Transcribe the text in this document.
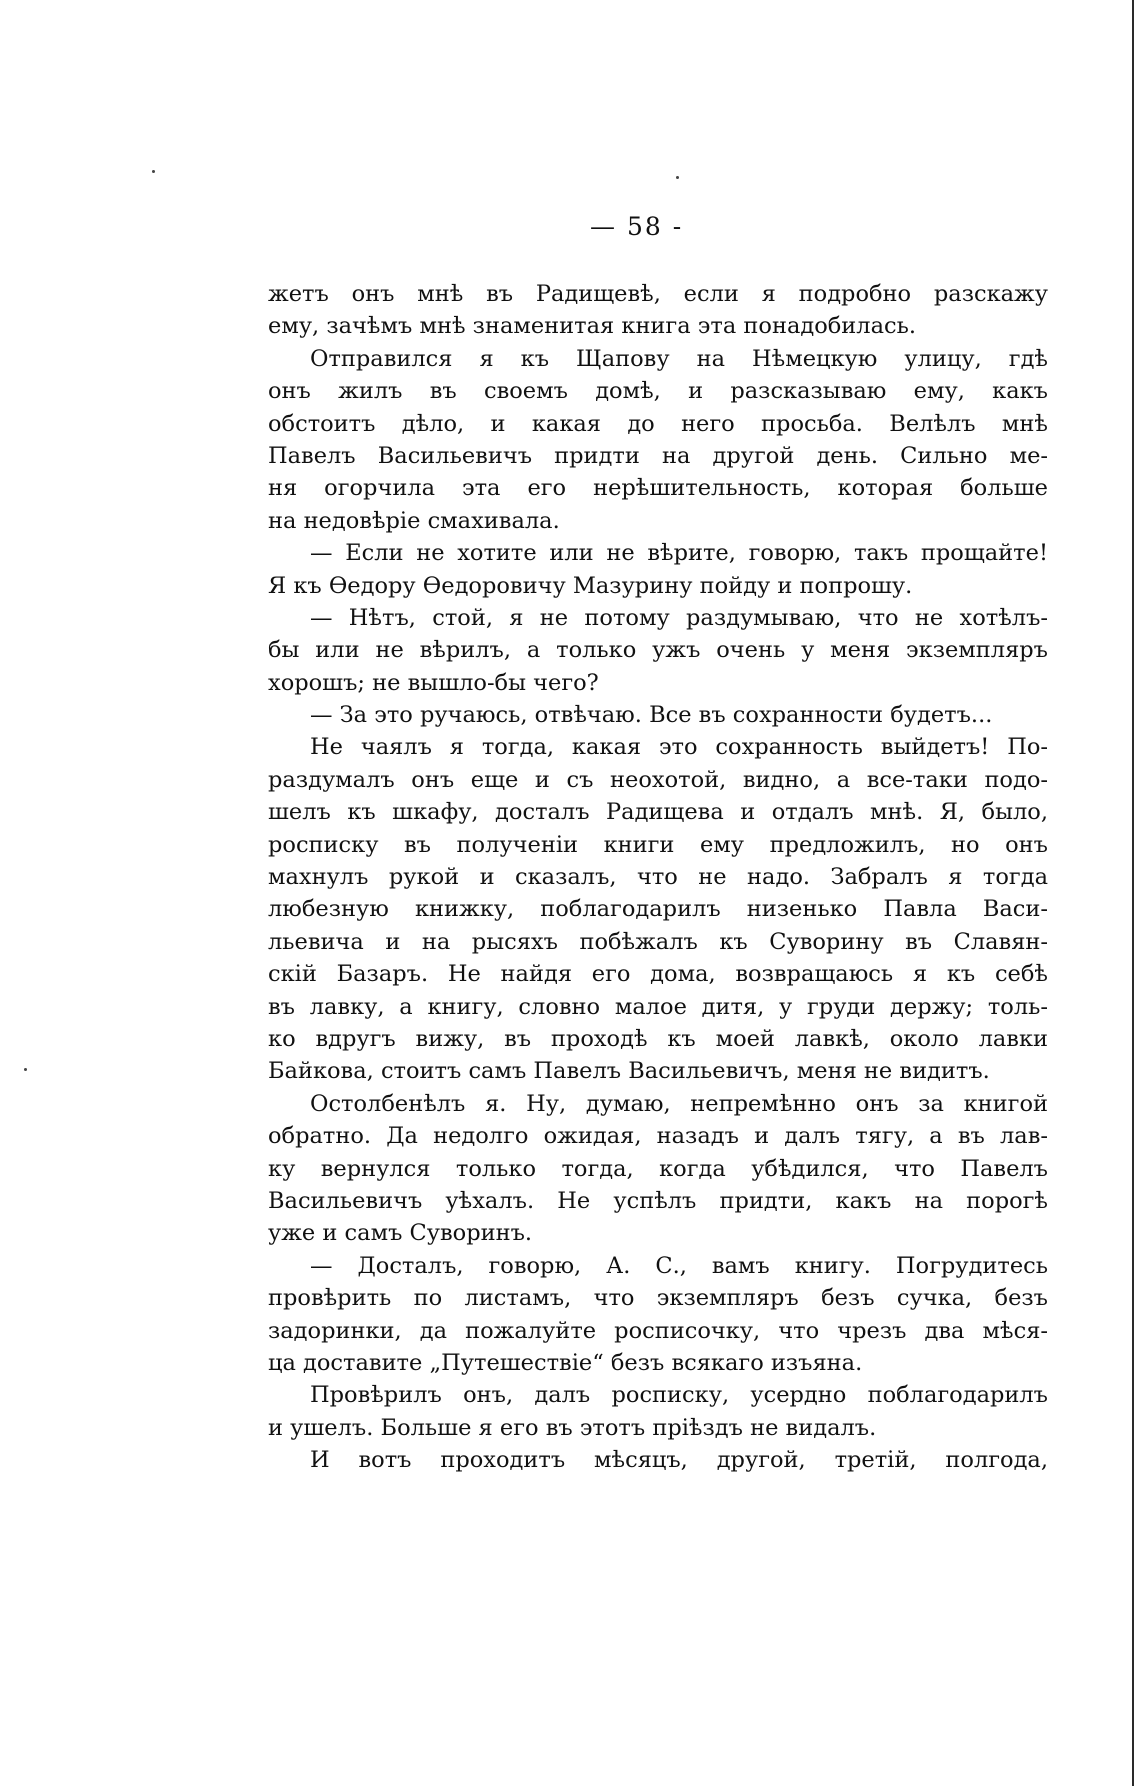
— 58 -
жетъ онъ мнѣ въ Радищевѣ, если я подробно разскажу
ему, зачѣмъ мнѣ знаменитая книга эта понадобилась.
Отправился я къ Щапову на Нѣмецкую улицу, гдѣ
онъ жилъ въ своемъ домѣ, и разсказываю ему, какъ
обстоитъ дѣло, и какая до него просьба. Велѣлъ мнѣ
Павелъ Васильевичъ придти на другой день. Сильно ме-
ня огорчила эта его нерѣшительность, которая больше
на недовѣріе смахивала.
— Если не хотите или не вѣрите, говорю, такъ прощайте!
Я къ Өедору Өедоровичу Мазурину пойду и попрошу.
— Нѣтъ, стой, я не потому раздумываю, что не хотѣлъ-
бы или не вѣрилъ, а только ужъ очень у меня экземпляръ
хорошъ; не вышло-бы чего?
— За это ручаюсь, отвѣчаю. Все въ сохранности будетъ...
Не чаялъ я тогда, какая это сохранность выйдетъ! По-
раздумалъ онъ еще и съ неохотой, видно, а все-таки подо-
шелъ къ шкафу, досталъ Радищева и отдалъ мнѣ. Я, было,
росписку въ полученіи книги ему предложилъ, но онъ
махнулъ рукой и сказалъ, что не надо. Забралъ я тогда
любезную книжку, поблагодарилъ низенько Павла Васи-
льевича и на рысяхъ побѣжалъ къ Суворину въ Славян-
скій Базаръ. Не найдя его дома, возвращаюсь я къ себѣ
въ лавку, а книгу, словно малое дитя, у груди держу; толь-
ко вдругъ вижу, въ проходѣ къ моей лавкѣ, около лавки
Байкова, стоитъ самъ Павелъ Васильевичъ, меня не видитъ.
Остолбенѣлъ я. Ну, думаю, непремѣнно онъ за книгой
обратно. Да недолго ожидая, назадъ и далъ тягу, а въ лав-
ку вернулся только тогда, когда убѣдился, что Павелъ
Васильевичъ уѣхалъ. Не успѣлъ придти, какъ на порогѣ
уже и самъ Суворинъ.
— Досталъ, говорю, А. С., вамъ книгу. Погрудитесь
провѣрить по листамъ, что экземпляръ безъ сучка, безъ
задоринки, да пожалуйте росписочку, что чрезъ два мѣся-
ца доставите „Путешествіе“ безъ всякаго изъяна.
Провѣрилъ онъ, далъ росписку, усердно поблагодарилъ
и ушелъ. Больше я его въ этотъ пріѣздъ не видалъ.
И вотъ проходитъ мѣсяцъ, другой, третій, полгода,
